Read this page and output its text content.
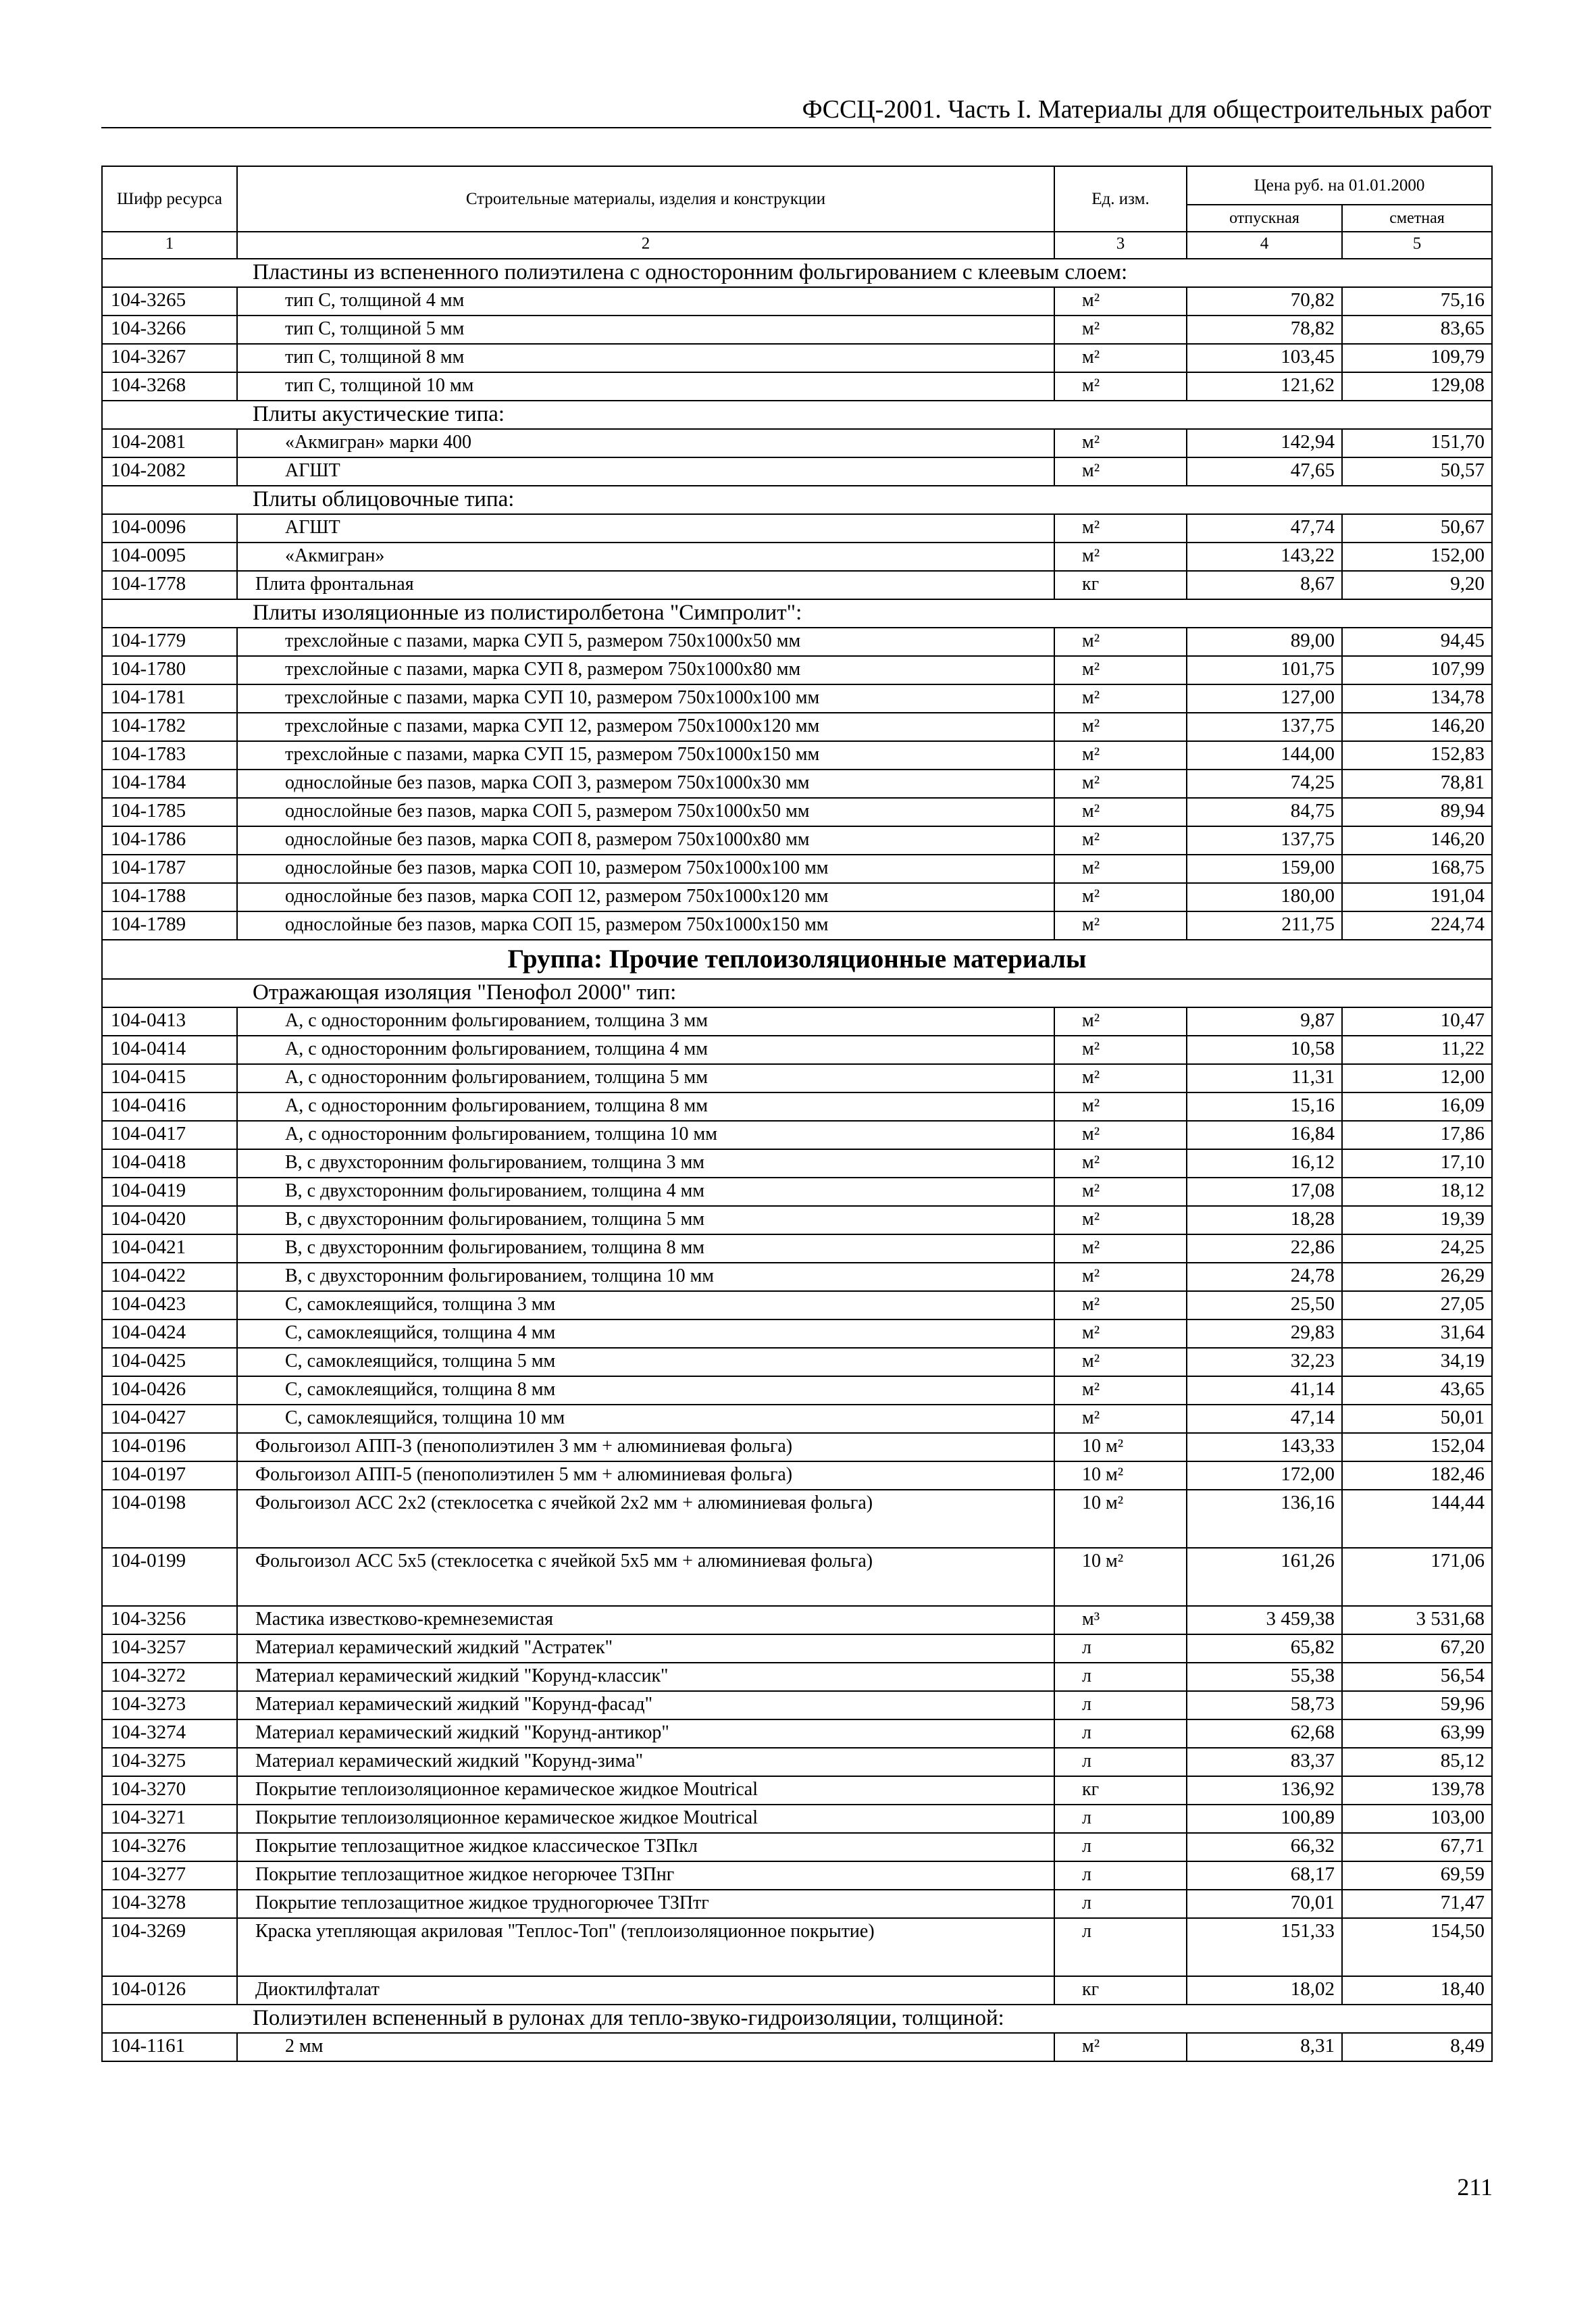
ФССЦ-2001. Часть I. Материалы для общестроительных работ
Шифр ресурса	Строительные материалы, изделия и конструкции	Ед. изм.	Цена руб. на 01.01.2000	
			отпускная	сметная
1	2	3	4	5
Пластины из вспененного полиэтилена с односторонним фольгированием с клеевым слоем:				
104-3265	тип С, толщиной 4 мм	м²	70,82	75,16
104-3266	тип С, толщиной 5 мм	м²	78,82	83,65
104-3267	тип С, толщиной 8 мм	м²	103,45	109,79
104-3268	тип С, толщиной 10 мм	м²	121,62	129,08
Плиты акустические типа:				
104-2081	«Акмигран» марки 400	м²	142,94	151,70
104-2082	АГШТ	м²	47,65	50,57
Плиты облицовочные типа:				
104-0096	АГШТ	м²	47,74	50,67
104-0095	«Акмигран»	м²	143,22	152,00
104-1778	Плита фронтальная	кг	8,67	9,20
Плиты изоляционные из полистиролбетона "Симпролит":				
104-1779	трехслойные с пазами, марка СУП 5, размером 750х1000х50 мм	м²	89,00	94,45
104-1780	трехслойные с пазами, марка СУП 8, размером 750х1000х80 мм	м²	101,75	107,99
104-1781	трехслойные с пазами, марка СУП 10, размером 750х1000х100 мм	м²	127,00	134,78
104-1782	трехслойные с пазами, марка СУП 12, размером 750х1000х120 мм	м²	137,75	146,20
104-1783	трехслойные с пазами, марка СУП 15, размером 750х1000х150 мм	м²	144,00	152,83
104-1784	однослойные без пазов, марка СОП 3, размером 750х1000х30 мм	м²	74,25	78,81
104-1785	однослойные без пазов, марка СОП 5, размером 750х1000х50 мм	м²	84,75	89,94
104-1786	однослойные без пазов, марка СОП 8, размером 750х1000х80 мм	м²	137,75	146,20
104-1787	однослойные без пазов, марка СОП 10, размером 750х1000х100 мм	м²	159,00	168,75
104-1788	однослойные без пазов, марка СОП 12, размером 750х1000х120 мм	м²	180,00	191,04
104-1789	однослойные без пазов, марка СОП 15, размером 750х1000х150 мм	м²	211,75	224,74
Группа: Прочие теплоизоляционные материалы				
Отражающая изоляция "Пенофол 2000" тип:				
104-0413	А, с односторонним фольгированием, толщина 3 мм	м²	9,87	10,47
104-0414	А, с односторонним фольгированием, толщина 4 мм	м²	10,58	11,22
104-0415	А, с односторонним фольгированием, толщина 5 мм	м²	11,31	12,00
104-0416	А, с односторонним фольгированием, толщина 8 мм	м²	15,16	16,09
104-0417	А, с односторонним фольгированием, толщина 10 мм	м²	16,84	17,86
104-0418	В, с двухсторонним фольгированием, толщина 3 мм	м²	16,12	17,10
104-0419	В, с двухсторонним фольгированием, толщина 4 мм	м²	17,08	18,12
104-0420	В, с двухсторонним фольгированием, толщина 5 мм	м²	18,28	19,39
104-0421	В, с двухсторонним фольгированием, толщина 8 мм	м²	22,86	24,25
104-0422	В, с двухсторонним фольгированием, толщина 10 мм	м²	24,78	26,29
104-0423	С, самоклеящийся, толщина 3 мм	м²	25,50	27,05
104-0424	С, самоклеящийся, толщина 4 мм	м²	29,83	31,64
104-0425	С, самоклеящийся, толщина 5 мм	м²	32,23	34,19
104-0426	С, самоклеящийся, толщина 8 мм	м²	41,14	43,65
104-0427	С, самоклеящийся, толщина 10 мм	м²	47,14	50,01
104-0196	Фольгоизол АПП-3 (пенополиэтилен 3 мм + алюминиевая фольга)	10 м²	143,33	152,04
104-0197	Фольгоизол АПП-5 (пенополиэтилен 5 мм + алюминиевая фольга)	10 м²	172,00	182,46
104-0198	Фольгоизол АСС 2х2 (стеклосетка с ячейкой 2х2 мм + алюминиевая фольга)	10 м²	136,16	144,44
104-0199	Фольгоизол АСС 5х5 (стеклосетка с ячейкой 5х5 мм + алюминиевая фольга)	10 м²	161,26	171,06
104-3256	Мастика известково-кремнеземистая	м³	3 459,38	3 531,68
104-3257	Материал керамический жидкий "Астратек"	л	65,82	67,20
104-3272	Материал керамический жидкий "Корунд-классик"	л	55,38	56,54
104-3273	Материал керамический жидкий "Корунд-фасад"	л	58,73	59,96
104-3274	Материал керамический жидкий "Корунд-антикор"	л	62,68	63,99
104-3275	Материал керамический жидкий "Корунд-зима"	л	83,37	85,12
104-3270	Покрытие теплоизоляционное керамическое жидкое Moutrical	кг	136,92	139,78
104-3271	Покрытие теплоизоляционное керамическое жидкое Moutrical	л	100,89	103,00
104-3276	Покрытие теплозащитное жидкое классическое ТЗПкл	л	66,32	67,71
104-3277	Покрытие теплозащитное жидкое негорючее ТЗПнг	л	68,17	69,59
104-3278	Покрытие теплозащитное жидкое трудногорючее ТЗПтг	л	70,01	71,47
104-3269	Краска утепляющая акриловая "Теплос-Топ" (теплоизоляционное покрытие)	л	151,33	154,50
104-0126	Диоктилфталат	кг	18,02	18,40
Полиэтилен вспененный в рулонах для тепло-звуко-гидроизоляции, толщиной:				
104-1161	2 мм	м²	8,31	8,49
211
